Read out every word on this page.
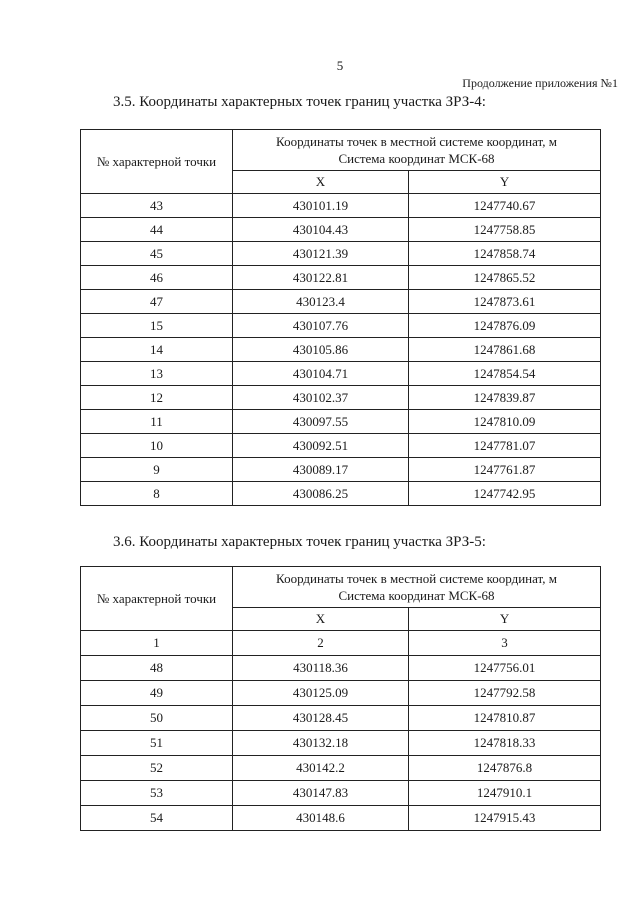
5
Продолжение приложения №1
3.5. Координаты характерных точек границ участка ЗРЗ-4:
№ характерной точки	Координаты точек в местной системе координат, м
Система координат МСК-68	

	X	Y
43	430101.19	1247740.67
44	430104.43	1247758.85
45	430121.39	1247858.74
46	430122.81	1247865.52
47	430123.4	1247873.61
15	430107.76	1247876.09
14	430105.86	1247861.68
13	430104.71	1247854.54
12	430102.37	1247839.87
11	430097.55	1247810.09
10	430092.51	1247781.07
9	430089.17	1247761.87
8	430086.25	1247742.95
3.6. Координаты характерных точек границ участка ЗРЗ-5:
№ характерной точки	Координаты точек в местной системе координат, м
Система координат МСК-68	

	X	Y
1	2	3
48	430118.36	1247756.01
49	430125.09	1247792.58
50	430128.45	1247810.87
51	430132.18	1247818.33
52	430142.2	1247876.8
53	430147.83	1247910.1
54	430148.6	1247915.43
